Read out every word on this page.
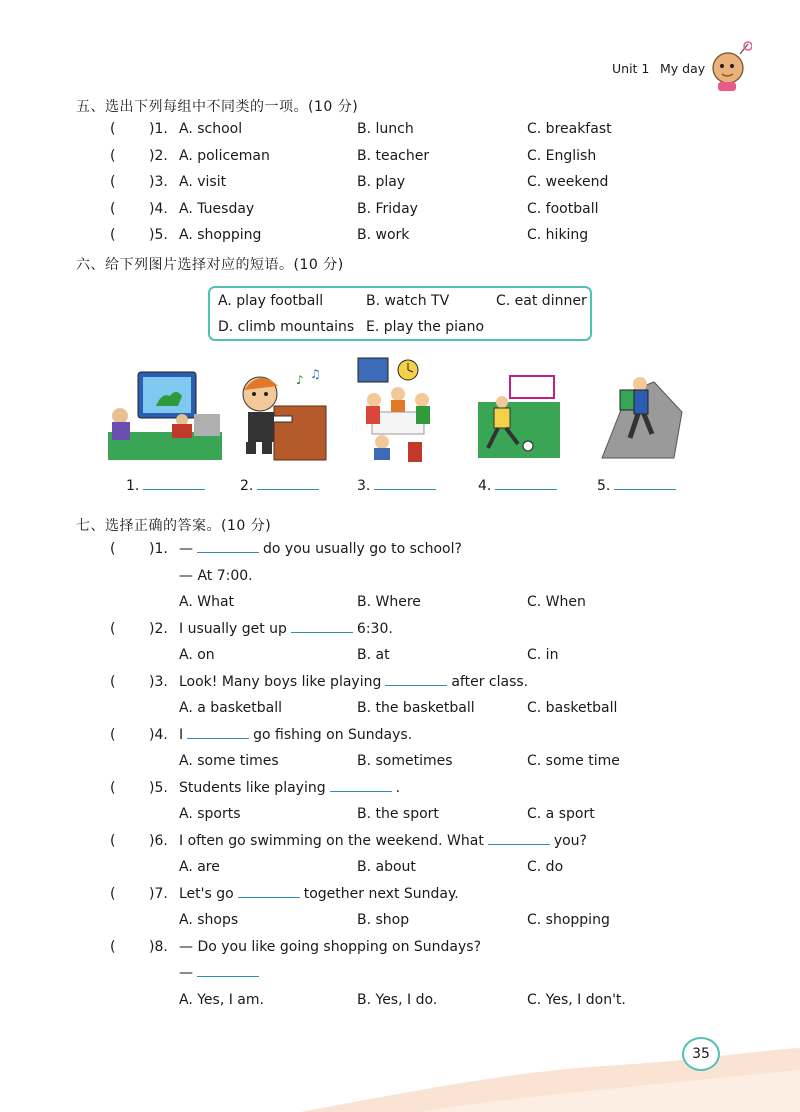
Unit 1 My day
五、选出下列每组中不同类的一项。(10 分)
( )1. A. school	B. lunch	C. breakfast
( )2. A. policeman	B. teacher	C. English
( )3. A. visit	B. play	C. weekend
( )4. A. Tuesday	B. Friday	C. football
( )5. A. shopping	B. work	C. hiking
六、给下列图片选择对应的短语。(10 分)
A. play football	B. watch TV	C. eat dinner
D. climb mountains E. play the piano
♪ ♫
1.	2.	3.	4.	5.
七、选择正确的答案。(10 分)
( )1. —	do you usually go to school?
— At 7:00.
A. What	B. Where	C. When
( )2. I usually get up	6:30.
A. on	B. at	C. in
( )3. Look! Many boys like playing	after class.
A. a basketball	B. the basketball	C. basketball
( )4. I	go fishing on Sundays.
A. some times	B. sometimes	C. some time
( )5. Students like playing	.
A. sports	B. the sport	C. a sport
( )6. I often go swimming on the weekend. What	you?
A. are	B. about	C. do
( )7. Let's go	together next Sunday.
A. shops	B. shop	C. shopping
( )8. — Do you like going shopping on Sundays?
—
A. Yes, I am.	B. Yes, I do.	C. Yes, I don't.
35
